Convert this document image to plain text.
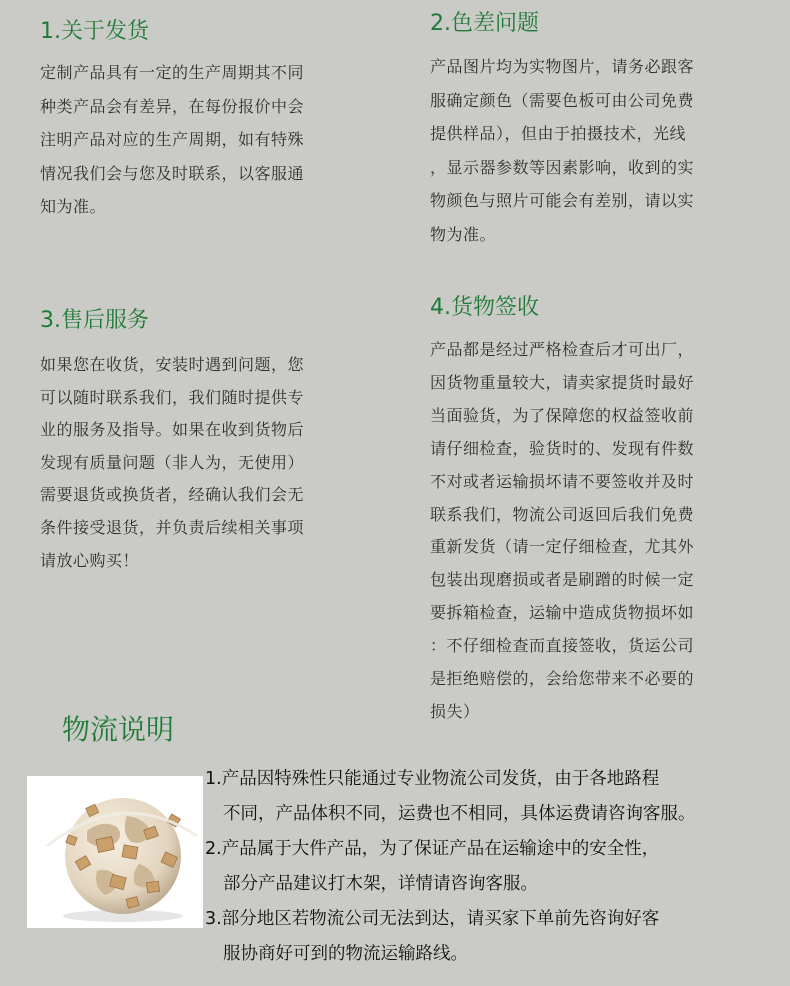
1.关于发货

定制产品具有一定的生产周期其不同
种类产品会有差异，在每份报价中会
注明产品对应的生产周期，如有特殊
情况我们会与您及时联系，以客服通
知为准。

2.色差问题

产品图片均为实物图片，请务必跟客
服确定颜色（需要色板可由公司免费
提供样品），但由于拍摄技术，光线
，显示器参数等因素影响，收到的实
物颜色与照片可能会有差别，请以实
物为准。

3.售后服务

如果您在收货，安装时遇到问题，您
可以随时联系我们，我们随时提供专
业的服务及指导。如果在收到货物后
发现有质量问题（非人为，无使用）
需要退货或换货者，经确认我们会无
条件接受退货，并负责后续相关事项
请放心购买！

4.货物签收

产品都是经过严格检查后才可出厂，
因货物重量较大，请卖家提货时最好
当面验货，为了保障您的权益签收前
请仔细检查，验货时的、发现有件数
不对或者运输损坏请不要签收并及时
联系我们，物流公司返回后我们免费
重新发货（请一定仔细检查，尤其外
包装出现磨损或者是刷蹭的时候一定
要拆箱检查，运输中造成货物损坏如
：不仔细检查而直接签收，货运公司
是拒绝赔偿的，会给您带来不必要的
损失）

物流说明
1.产品因特殊性只能通过专业物流公司发货，由于各地路程
不同，产品体积不同，运费也不相同，具体运费请咨询客服。
2.产品属于大件产品，为了保证产品在运输途中的安全性，
部分产品建议打木架，详情请咨询客服。
3.部分地区若物流公司无法到达，请买家下单前先咨询好客
服协商好可到的物流运输路线。
